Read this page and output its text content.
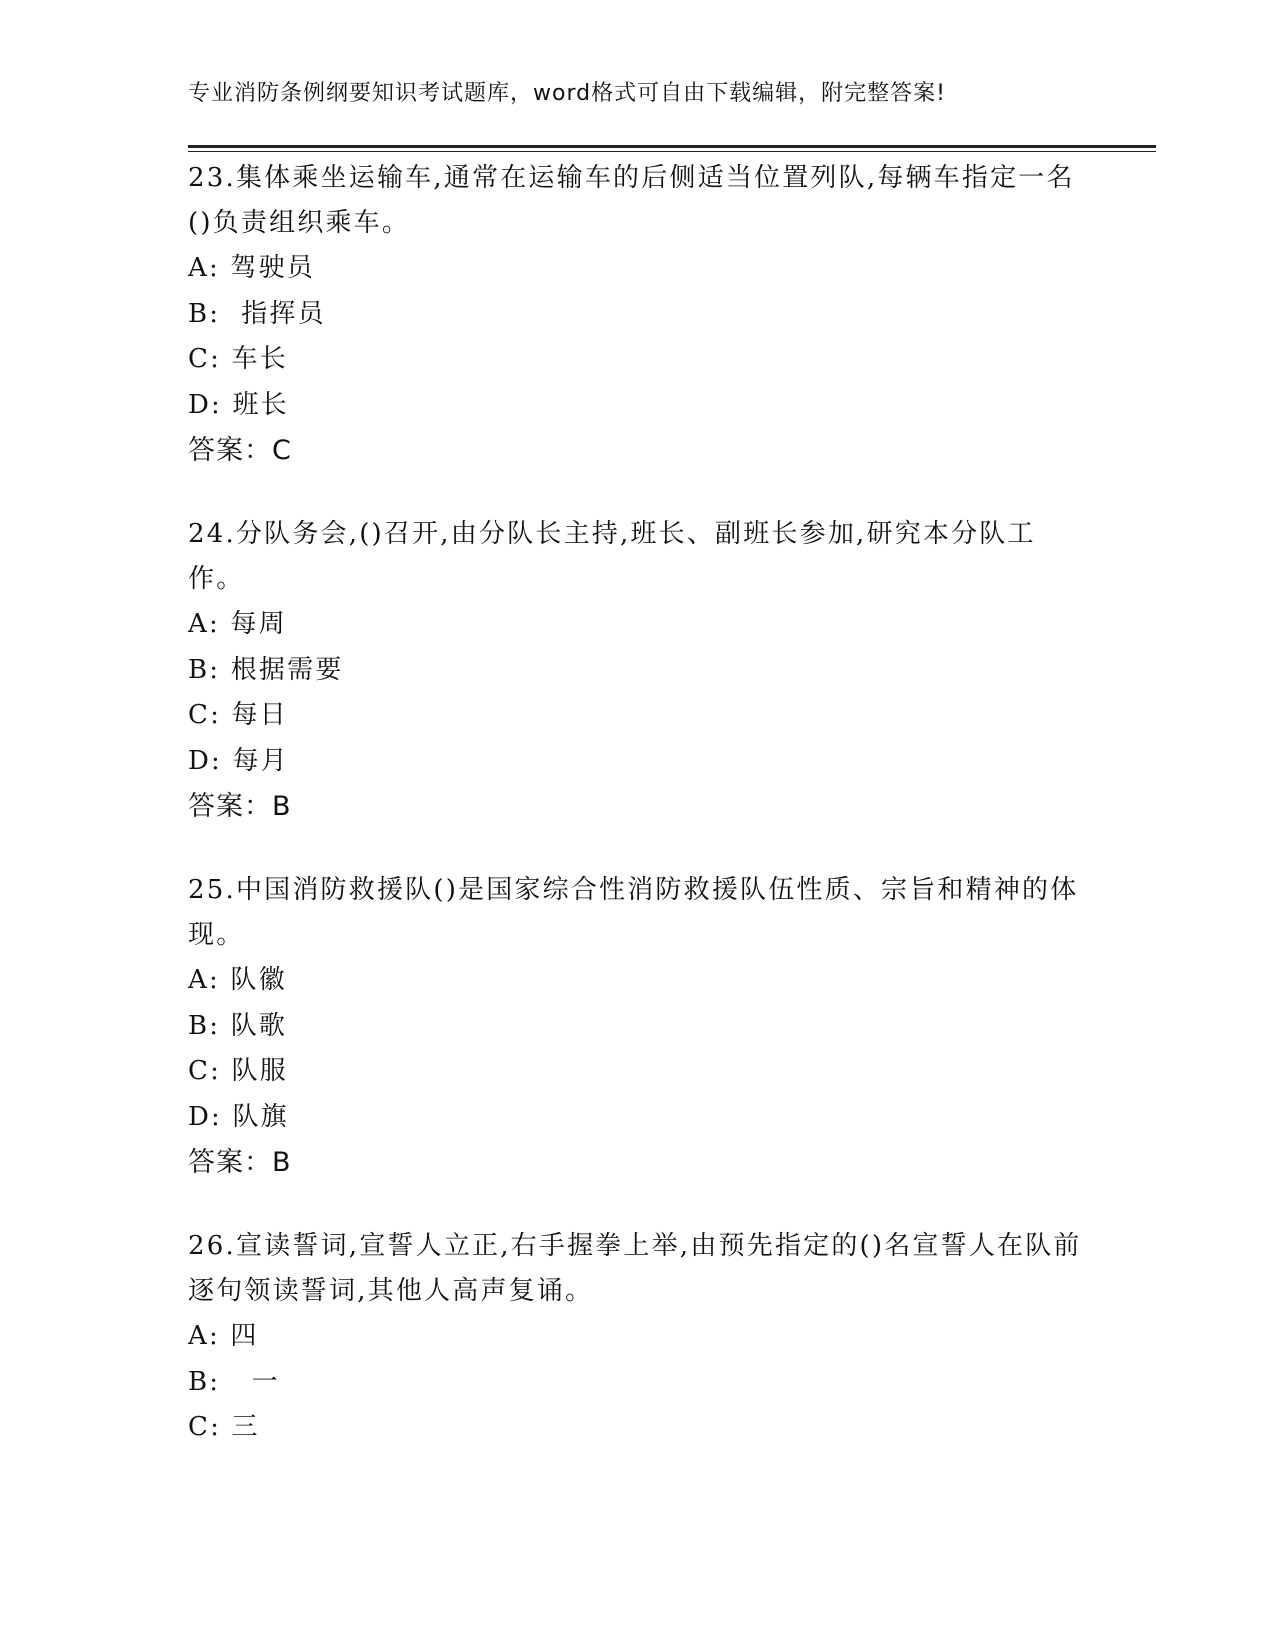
专业消防条例纲要知识考试题库，word格式可自由下载编辑，附完整答案!

23.集体乘坐运输车,通常在运输车的后侧适当位置列队,每辆车指定一名()负责组织乘车。

A: 驾驶员
B:  指挥员
C: 车长
D: 班长
答案：C

24.分队务会,()召开,由分队长主持,班长、副班长参加,研究本分队工作。

A: 每周
B: 根据需要
C: 每日
D: 每月
答案：B

25.中国消防救援队()是国家综合性消防救援队伍性质、宗旨和精神的体现。

A: 队徽
B: 队歌
C: 队服
D: 队旗
答案：B

26.宣读誓词,宣誓人立正,右手握拳上举,由预先指定的()名宣誓人在队前逐句领读誓词,其他人高声复诵。

A: 四
B:   一
C: 三
